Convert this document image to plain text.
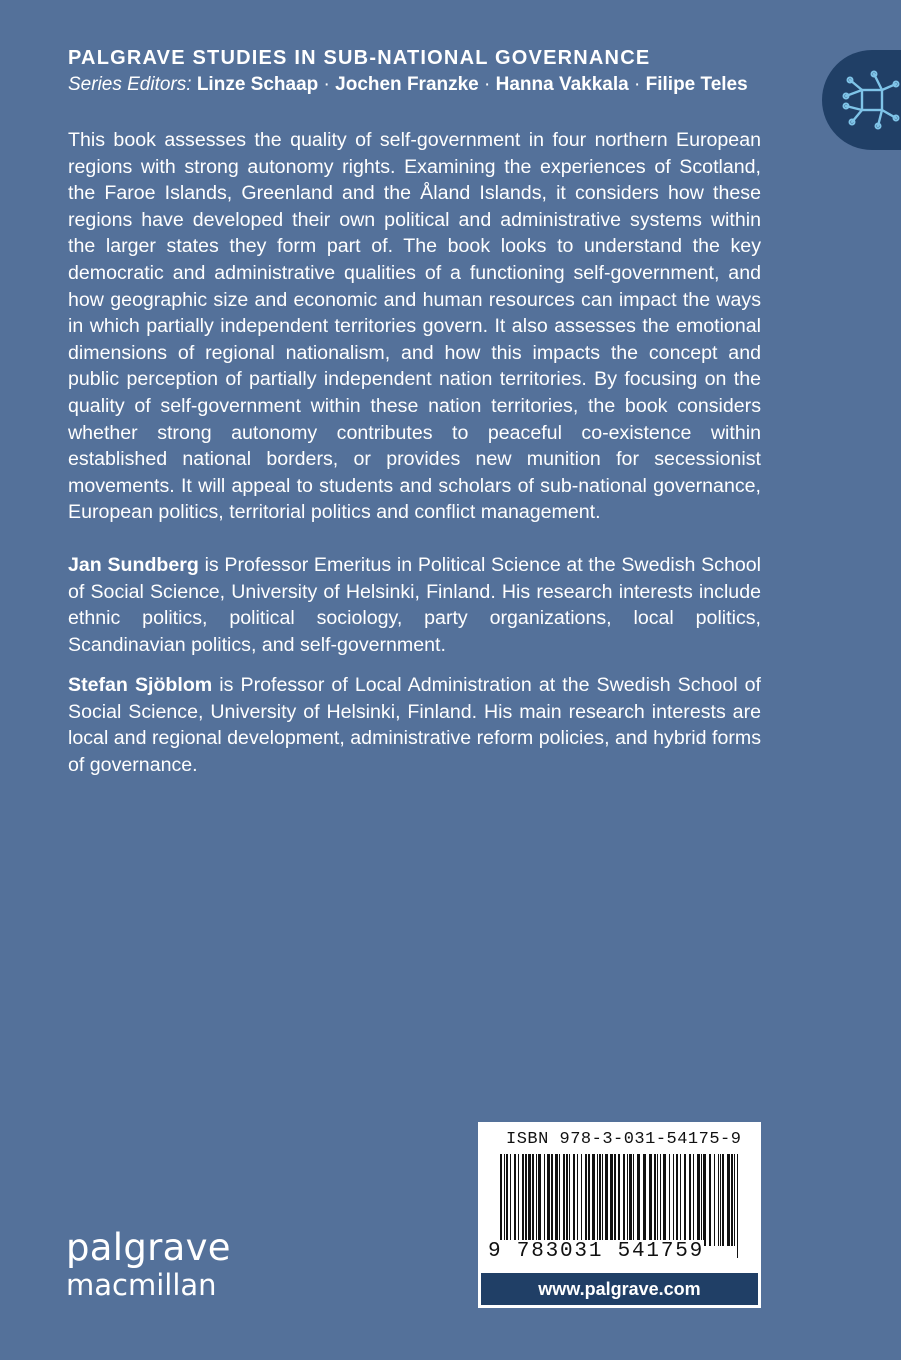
PALGRAVE STUDIES IN SUB-NATIONAL GOVERNANCE
Series Editors: Linze Schaap · Jochen Franzke · Hanna Vakkala · Filipe Teles

This book assesses the quality of self-government in four northern European regions with strong autonomy rights. Examining the experiences of Scotland, the Faroe Islands, Greenland and the Åland Islands, it considers how these regions have developed their own political and administrative systems within the larger states they form part of. The book looks to understand the key democratic and administrative qualities of a functioning self-government, and how geographic size and economic and human resources can impact the ways in which partially independent territories govern. It also assesses the emotional dimensions of regional nationalism, and how this impacts the concept and public perception of partially independent nation territories. By focusing on the quality of self-​government within these nation territories, the book considers whether strong autonomy contributes to peaceful co-existence within established national borders, or provides new munition for secessionist movements. It will appeal to students and scholars of sub-national governance, European politics, territorial politics and conflict management.

Jan Sundberg is Professor Emeritus in Political Science at the Swedish School of Social Science, University of Helsinki, Finland. His research interests include ethnic politics, political sociology, party organizations, local politics, Scandinavian politics, and self-government.

Stefan Sjöblom is Professor of Local Administration at the Swedish School of Social Science, University of Helsinki, Finland. His main research interests are local and regional development, administrative reform policies, and hybrid forms of governance.

ISBN 978-3-031-54175-9
9 783031 541759
www.palgrave.com
palgrave
macmillan
